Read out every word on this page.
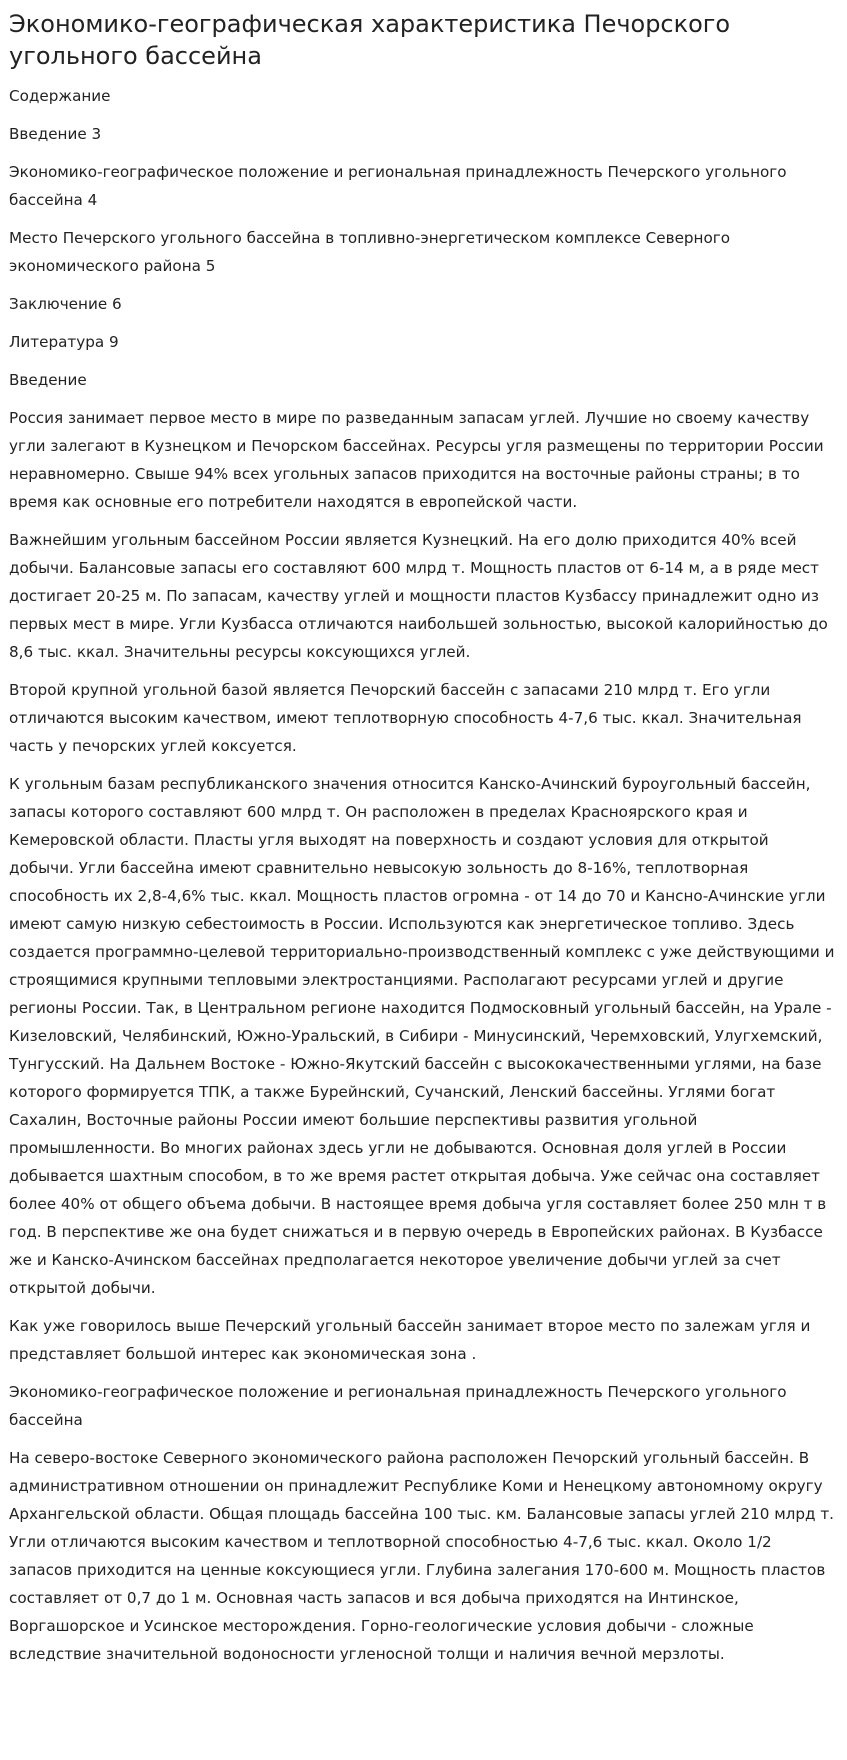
Экономико-географическая характеристика Печорского угольного бассейна

Содержание

Введение 3

Экономико-географическое положение и региональная принадлежность Печерского угольного бассейна 4

Место Печерского угольного бассейна в топливно-энергетическом комплексе Северного экономического района 5

Заключение 6

Литература 9

Введение

Россия занимает первое место в мире по разведанным запасам углей. Лучшие но своему качеству угли залегают в Кузнецком и Печорском бассейнах. Ресурсы угля размещены по территории России неравномерно. Свыше 94% всех угольных запасов приходится на восточные районы страны; в то время как основные его потребители находятся в европейской части.

Важнейшим угольным бассейном России является Кузнецкий. На его долю приходится 40% всей добычи. Балансовые запасы его составляют 600 млрд т. Мощность пластов от 6-14 м, а в ряде мест достигает 20-25 м. По запасам, качеству углей и мощности пластов Кузбассу принадлежит одно из первых мест в мире. Угли Кузбасса отличаются наибольшей зольностью, высокой калорийностью до 8,6 тыс. ккал. Значительны ресурсы коксующихся углей.

Второй крупной угольной базой является Печорский бассейн с запасами 210 млрд т. Его угли отличаются высоким качеством, имеют теплотворную способность 4-7,6 тыс. ккал. Значительная часть у печорских углей коксуется.

К угольным базам республиканского значения относится Канско-Ачинский буроугольный бассейн, запасы которого составляют 600 млрд т. Он расположен в пределах Красноярского края и Кемеровской области. Пласты угля выходят на поверхность и создают условия для открытой добычи. Угли бассейна имеют сравнительно невысокую зольность до 8-16%, теплотворная способность их 2,8-4,6% тыс. ккал. Мощность пластов огромна - от 14 до 70 и Кансно-Ачинские угли имеют самую низкую себестоимость в России. Используются как энергетическое топливо. Здесь создается программно-целевой территориально-производственный комплекс с уже действующими и строящимися крупными тепловыми электростанциями. Располагают ресурсами углей и другие регионы России. Так, в Центральном регионе находится Подмосковный угольный бассейн, на Урале - Кизеловский, Челябинский, Южно-Уральский, в Сибири - Минусинский, Черемховский, Улугхемский, Тунгусский. На Дальнем Востоке - Южно-Якутский бассейн с высококачественными углями, на базе которого формируется ТПК, а также Бурейнский, Сучанский, Ленский бассейны. Углями богат Сахалин, Восточные районы России имеют большие перспективы развития угольной промышленности. Во многих районах здесь угли не добываются. Основная доля углей в России добывается шахтным способом, в то же время растет открытая добыча. Уже сейчас она составляет более 40% от общего объема добычи. В настоящее время добыча угля составляет более 250 млн т в год. В перспективе же она будет снижаться и в первую очередь в Европейских районах. В Кузбассе же и Канско-Ачинском бассейнах предполагается некоторое увеличение добычи углей за счет открытой добычи.

Как уже говорилось выше Печерский угольный бассейн занимает второе место по залежам угля и представляет большой интерес как экономическая зона .

Экономико-географическое положение и региональная принадлежность Печерского угольного бассейна

На северо-востоке Северного экономического района расположен Печорский угольный бассейн. В административном отношении он принадлежит Республике Коми и Ненецкому автономному округу Архангельской области. Общая площадь бассейна 100 тыс. км. Балансовые запасы углей 210 млрд т. Угли отличаются высоким качеством и теплотворной способностью 4-7,6 тыс. ккал. Около 1/2 запасов приходится на ценные коксующиеся угли. Глубина залегания 170-600 м. Мощность пластов составляет от 0,7 до 1 м. Основная часть запасов и вся добыча приходятся на Интинское, Воргашорское и Усинское месторождения. Горно-геологические условия добычи - сложные вследствие значительной водоносности угленосной толщи и наличия вечной мерзлоты.
